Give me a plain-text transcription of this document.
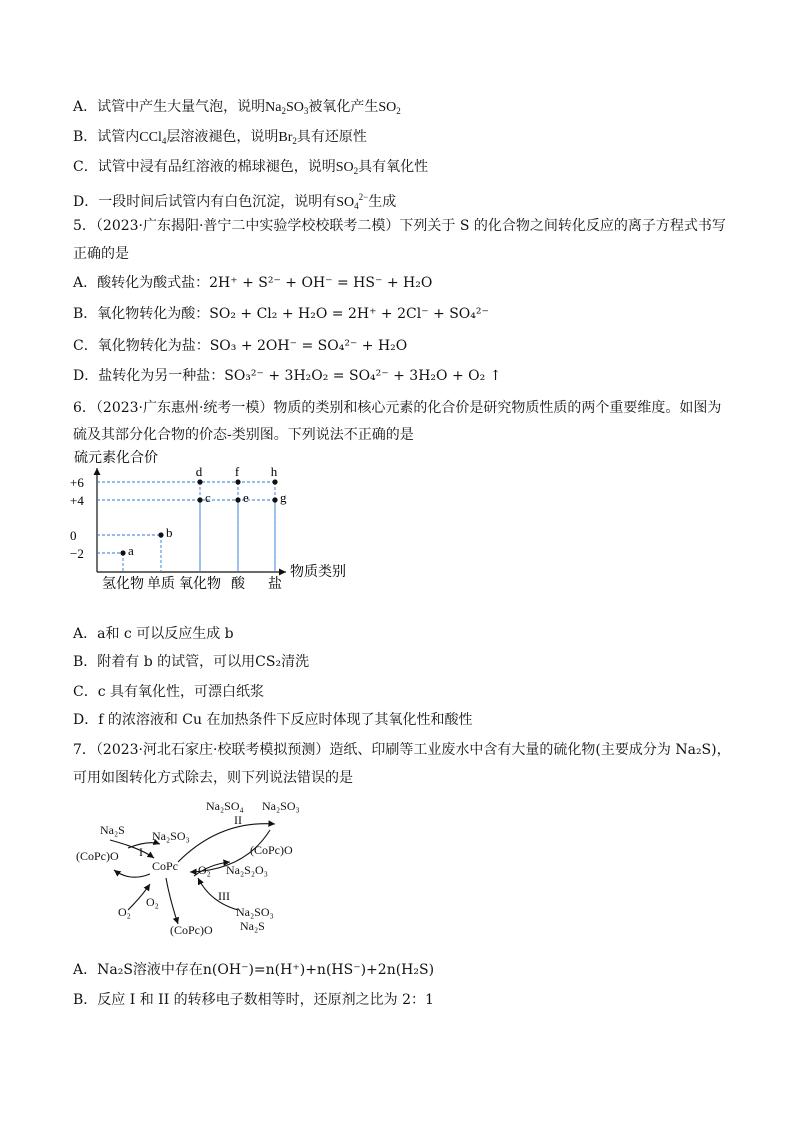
A．试管中产生大量气泡，说明$Na_2SO_3$被氧化产生$SO_2$
B．试管内CCl$_4$层溶液褪色，说明$Br_2$具有还原性
C．试管中浸有品红溶液的棉球褪色，说明$SO_2$具有氧化性
D．一段时间后试管内有白色沉淀，说明有$SO_4^{2-}$生成
5．（2023·广东揭阳·普宁二中实验学校校联考二模）下列关于 S 的化合物之间转化反应的离子方程式书写
正确的是
A．酸转化为酸式盐：2H⁺ + S²⁻ + OH⁻ = HS⁻ + H₂O
B．氧化物转化为酸：SO₂ + Cl₂ + H₂O = 2H⁺ + 2Cl⁻ + SO₄²⁻
C．氧化物转化为盐：SO₃ + 2OH⁻ = SO₄²⁻ + H₂O
D．盐转化为另一种盐：SO₃²⁻ + 3H₂O₂ = SO₄²⁻ + 3H₂O + O₂ ↑
6．（2023·广东惠州·统考一模）物质的类别和核心元素的化合价是研究物质性质的两个重要维度。如图为
硫及其部分化合物的价态-类别图。下列说法不正确的是
硫元素化合价
物质类别
+6
+4
0
−2	a
b
c
d
e
f
g
h
氢化物 单质 氧化物 酸 盐
A．a和 c 可以反应生成 b
B．附着有 b 的试管，可以用CS₂清洗
C．c 具有氧化性，可漂白纸浆
D．f 的浓溶液和 Cu 在加热条件下反应时体现了其氧化性和酸性
7．（2023·河北石家庄·校联考模拟预测）造纸、印刷等工业废水中含有大量的硫化物(主要成分为 Na₂S)，
可用如图转化方式除去，则下列说法错误的是
CoPc
Na₂SO₄ Na₂SO₃
II
Na₂S Na₂SO₃
I	(CoPc)O
O₂ Na₂S₂O₃
III
Na₂SO₃
Na₂S
(CoPc)O
O₂
O₂
(CoPc)O
A．Na₂S溶液中存在n(OH⁻)=n(H⁺)+n(HS⁻)+2n(H₂S)
B．反应 I 和 II 的转移电子数相等时，还原剂之比为 2：1
